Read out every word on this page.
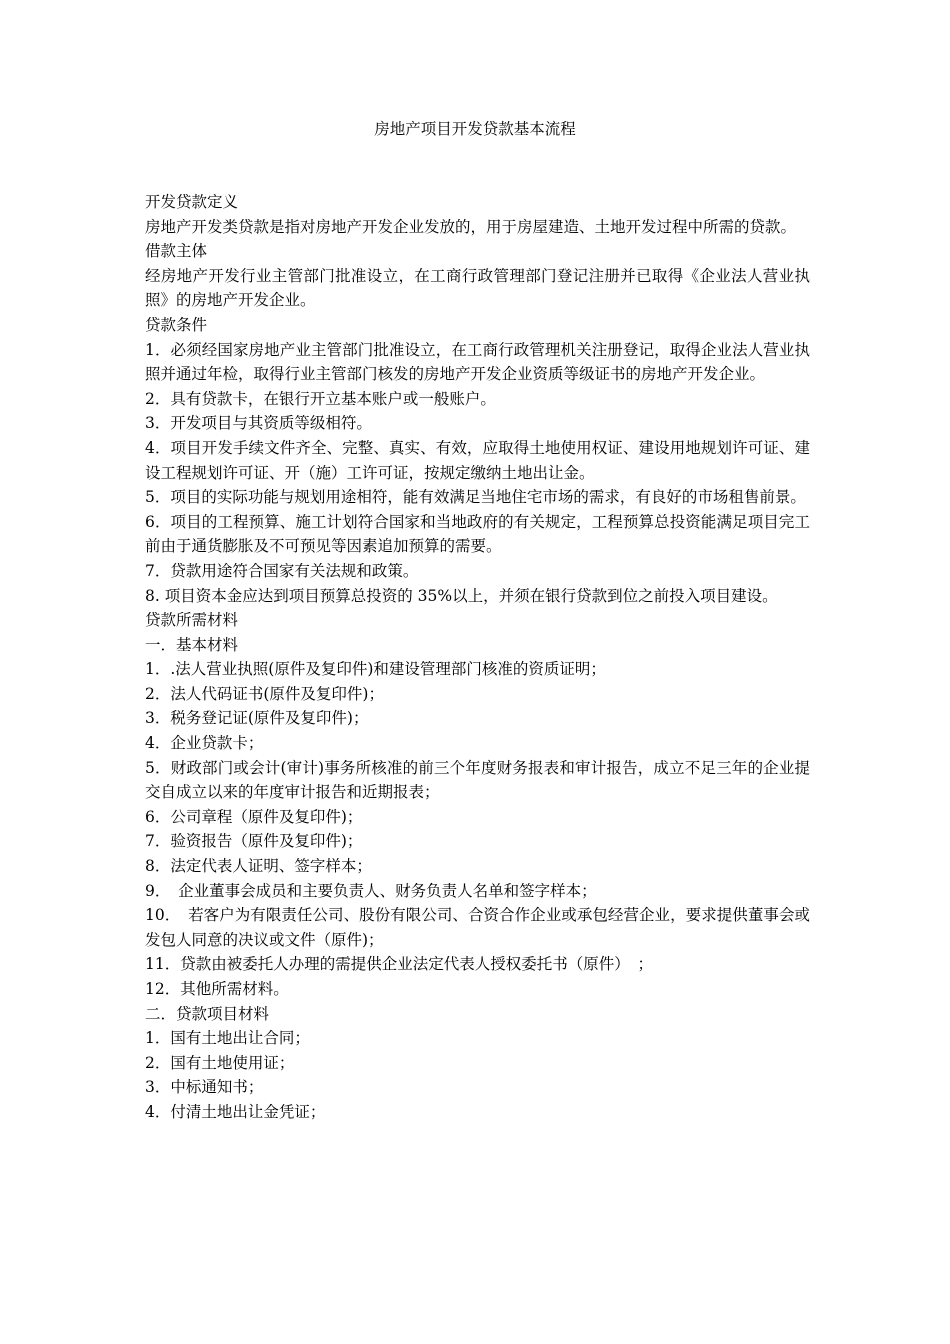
房地产项目开发贷款基本流程

开发贷款定义

房地产开发类贷款是指对房地产开发企业发放的，用于房屋建造、土地开发过程中所需的贷款。

借款主体

经房地产开发行业主管部门批准设立，在工商行政管理部门登记注册并已取得《企业法人营业执照》的房地产开发企业。

贷款条件

1．必须经国家房地产业主管部门批准设立，在工商行政管理机关注册登记，取得企业法人营业执照并通过年检，取得行业主管部门核发的房地产开发企业资质等级证书的房地产开发企业。

2．具有贷款卡，在银行开立基本账户或一般账户。

3．开发项目与其资质等级相符。

4．项目开发手续文件齐全、完整、真实、有效，应取得土地使用权证、建设用地规划许可证、建设工程规划许可证、开（施）工许可证，按规定缴纳土地出让金。

5．项目的实际功能与规划用途相符，能有效满足当地住宅市场的需求，有良好的市场租售前景。

6．项目的工程预算、施工计划符合国家和当地政府的有关规定，工程预算总投资能满足项目完工前由于通货膨胀及不可预见等因素追加预算的需要。

7．贷款用途符合国家有关法规和政策。

8. 项目资本金应达到项目预算总投资的 35%以上，并须在银行贷款到位之前投入项目建设。

贷款所需材料

一．基本材料

1．.法人营业执照(原件及复印件)和建设管理部门核准的资质证明；

2．法人代码证书(原件及复印件)；

3．税务登记证(原件及复印件)；

4．企业贷款卡；

5．财政部门或会计(审计)事务所核准的前三个年度财务报表和审计报告，成立不足三年的企业提交自成立以来的年度审计报告和近期报表；

6．公司章程（原件及复印件)；

7．验资报告（原件及复印件)；

8．法定代表人证明、签字样本；

9．　企业董事会成员和主要负责人、财务负责人名单和签字样本；

10．　若客户为有限责任公司、股份有限公司、合资合作企业或承包经营企业，要求提供董事会或发包人同意的决议或文件（原件)；

11．贷款由被委托人办理的需提供企业法定代表人授权委托书（原件）　；

12．其他所需材料。

二．贷款项目材料

1．国有土地出让合同；

2．国有土地使用证；

3．中标通知书；

4．付清土地出让金凭证；
